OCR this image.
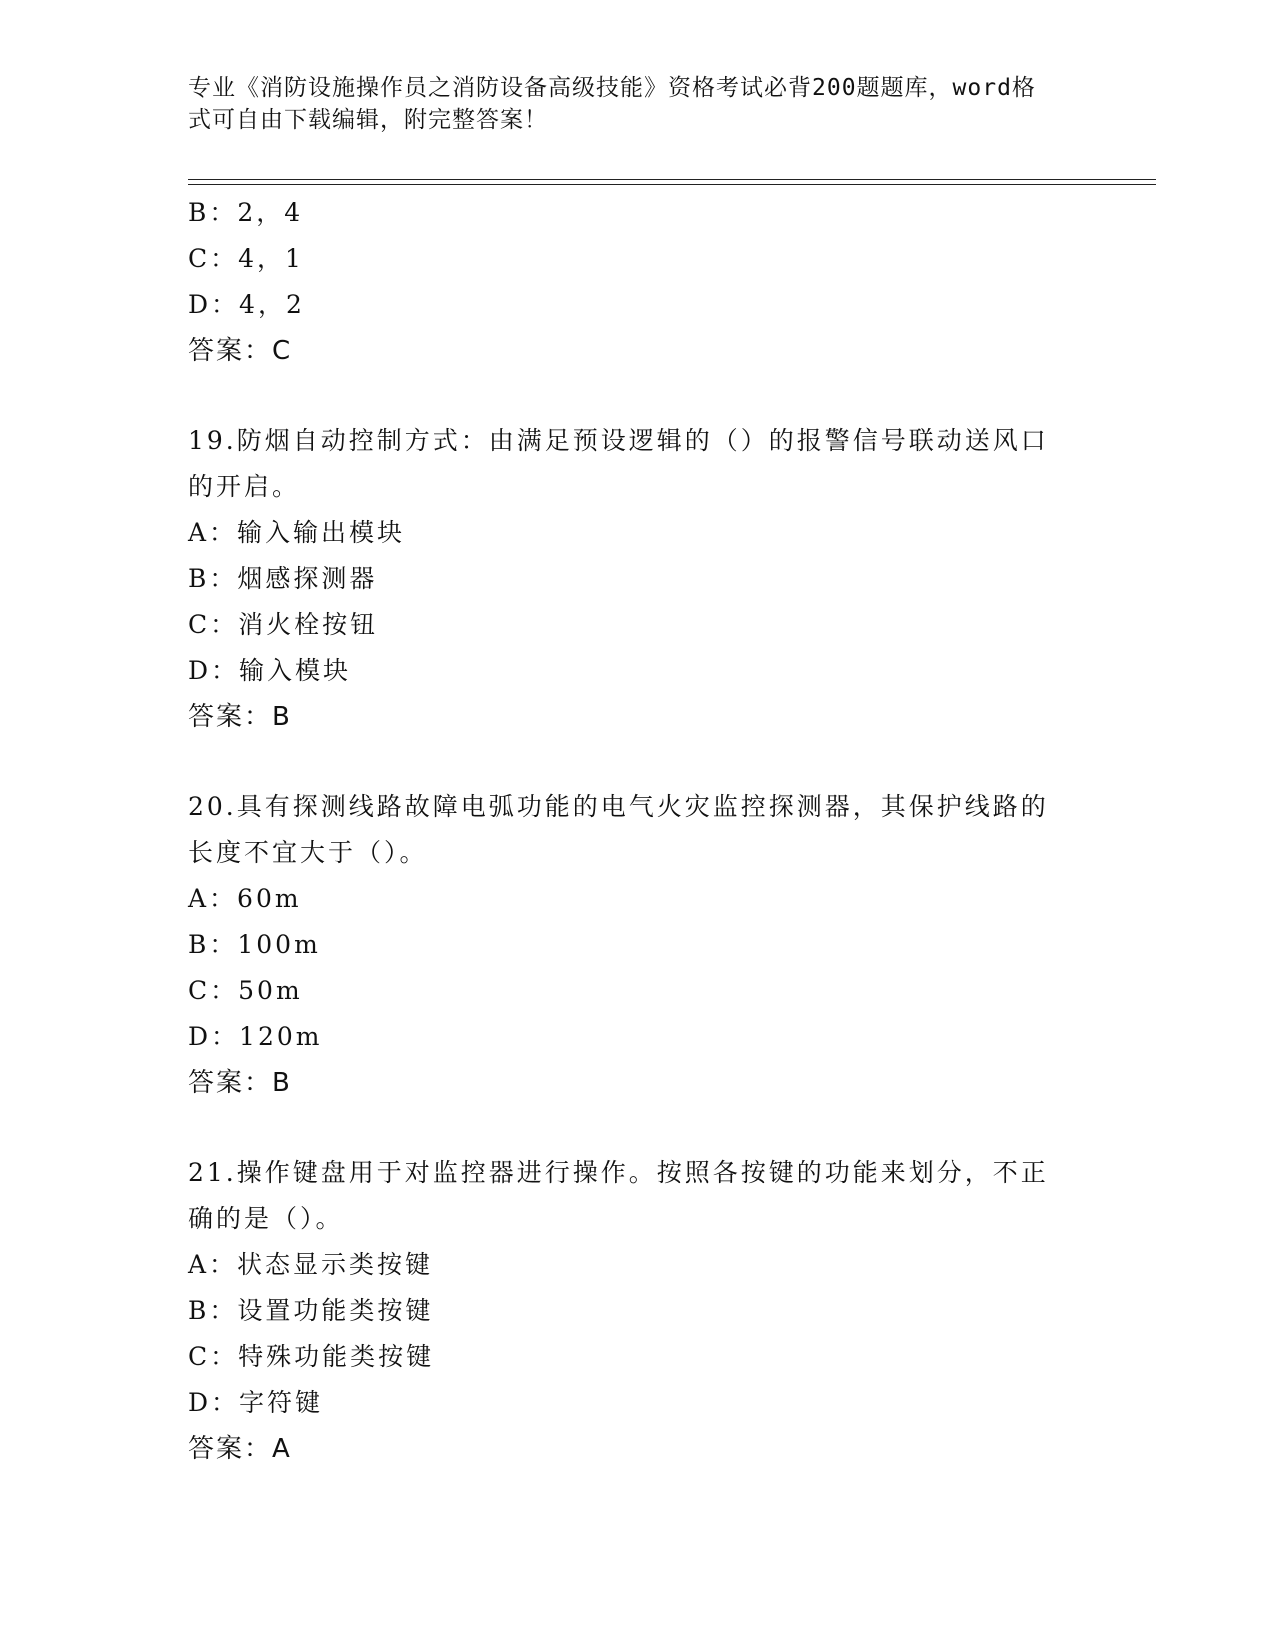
专业《消防设施操作员之消防设备高级技能》资格考试必背200题题库，word格
式可自由下载编辑，附完整答案！
B：2，4
C：4，1
D：4，2
答案：C
19.防烟自动控制方式：由满足预设逻辑的（）的报警信号联动送风口
的开启。
A：输入输出模块
B：烟感探测器
C：消火栓按钮
D：输入模块
答案：B
20.具有探测线路故障电弧功能的电气火灾监控探测器，其保护线路的
长度不宜大于（）。
A：60m
B：100m
C：50m
D：120m
答案：B
21.操作键盘用于对监控器进行操作。按照各按键的功能来划分，不正
确的是（）。
A：状态显示类按键
B：设置功能类按键
C：特殊功能类按键
D：字符键
答案：A
